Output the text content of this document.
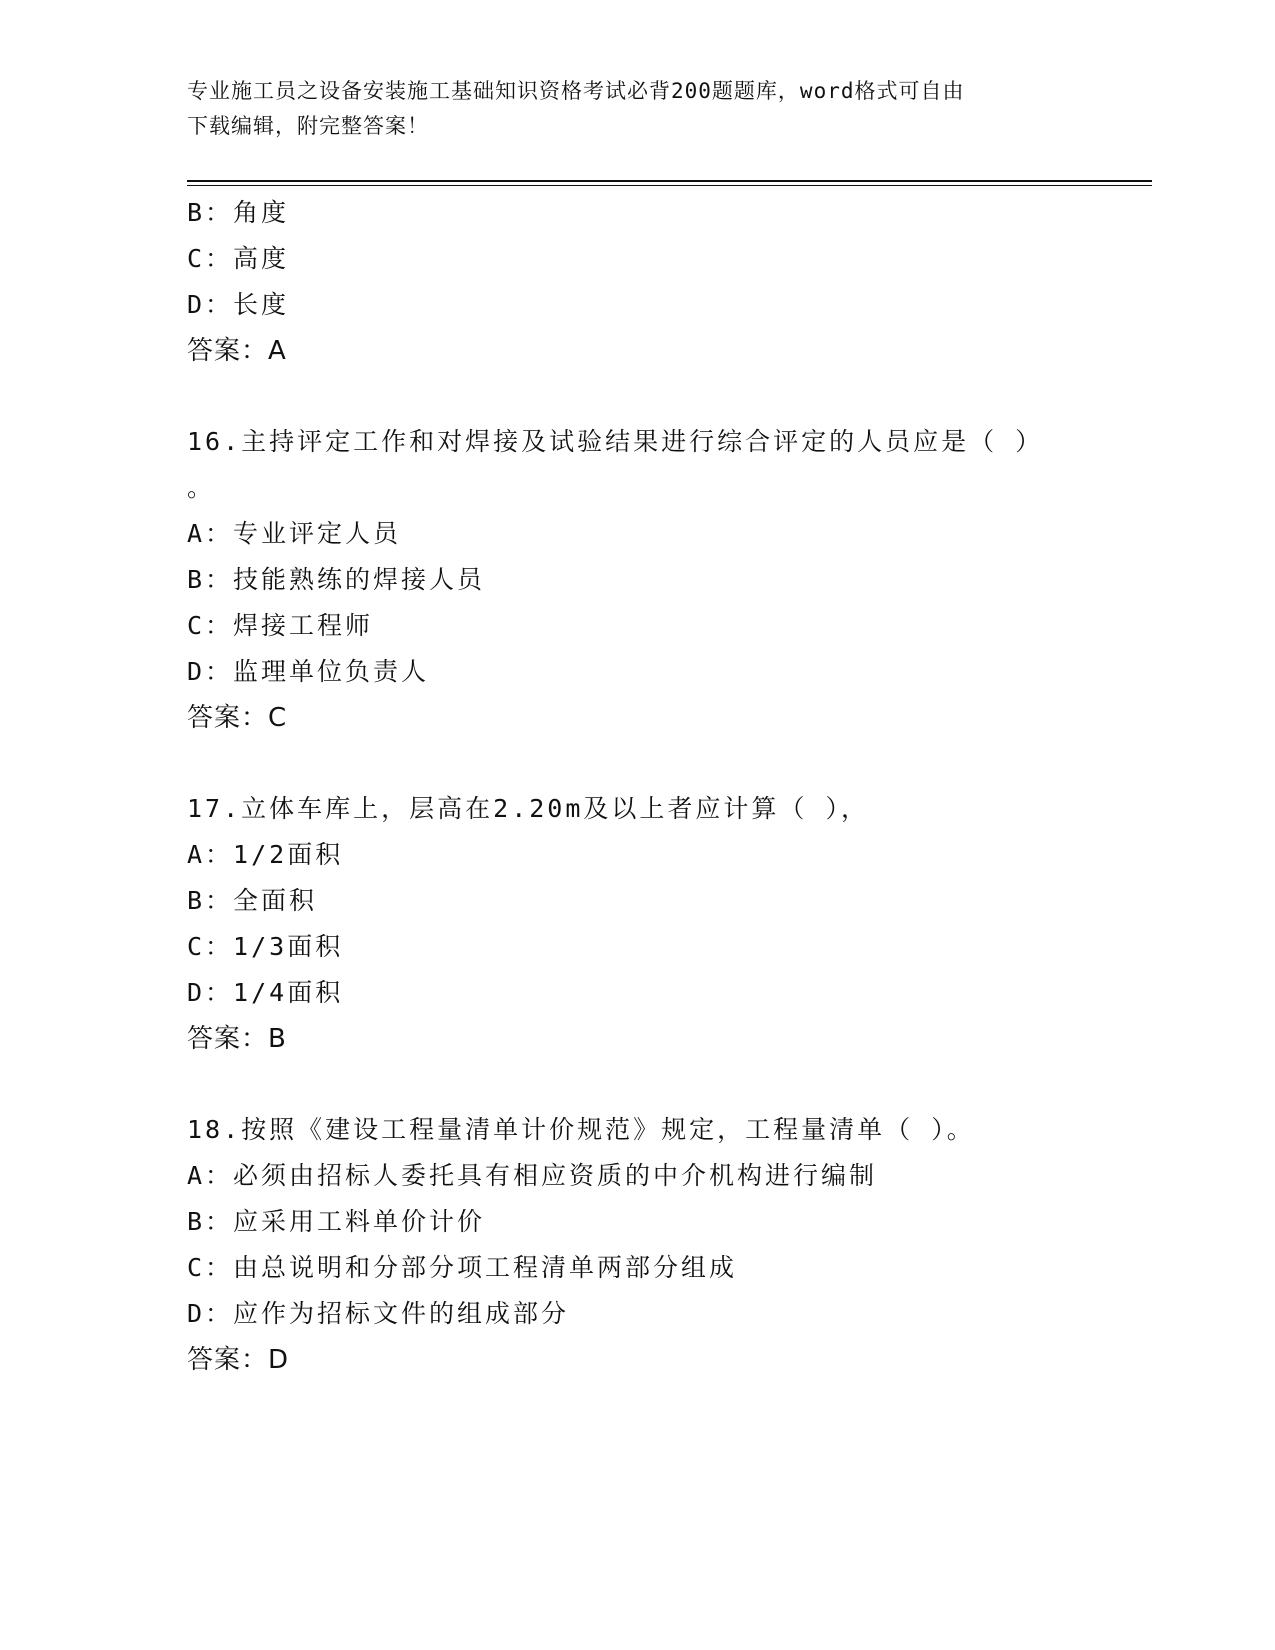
专业施工员之设备安装施工基础知识资格考试必背200题题库，word格式可自由
下载编辑，附完整答案！
B：角度
C：高度
D：长度
答案：A
16.主持评定工作和对焊接及试验结果进行综合评定的人员应是（ ）
。
A：专业评定人员
B：技能熟练的焊接人员
C：焊接工程师
D：监理单位负责人
答案：C
17.立体车库上，层高在2.20m及以上者应计算（ ），
A：1/2面积
B：全面积
C：1/3面积
D：1/4面积
答案：B
18.按照《建设工程量清单计价规范》规定，工程量清单（ ）。
A：必须由招标人委托具有相应资质的中介机构进行编制
B：应采用工料单价计价
C：由总说明和分部分项工程清单两部分组成
D：应作为招标文件的组成部分
答案：D
